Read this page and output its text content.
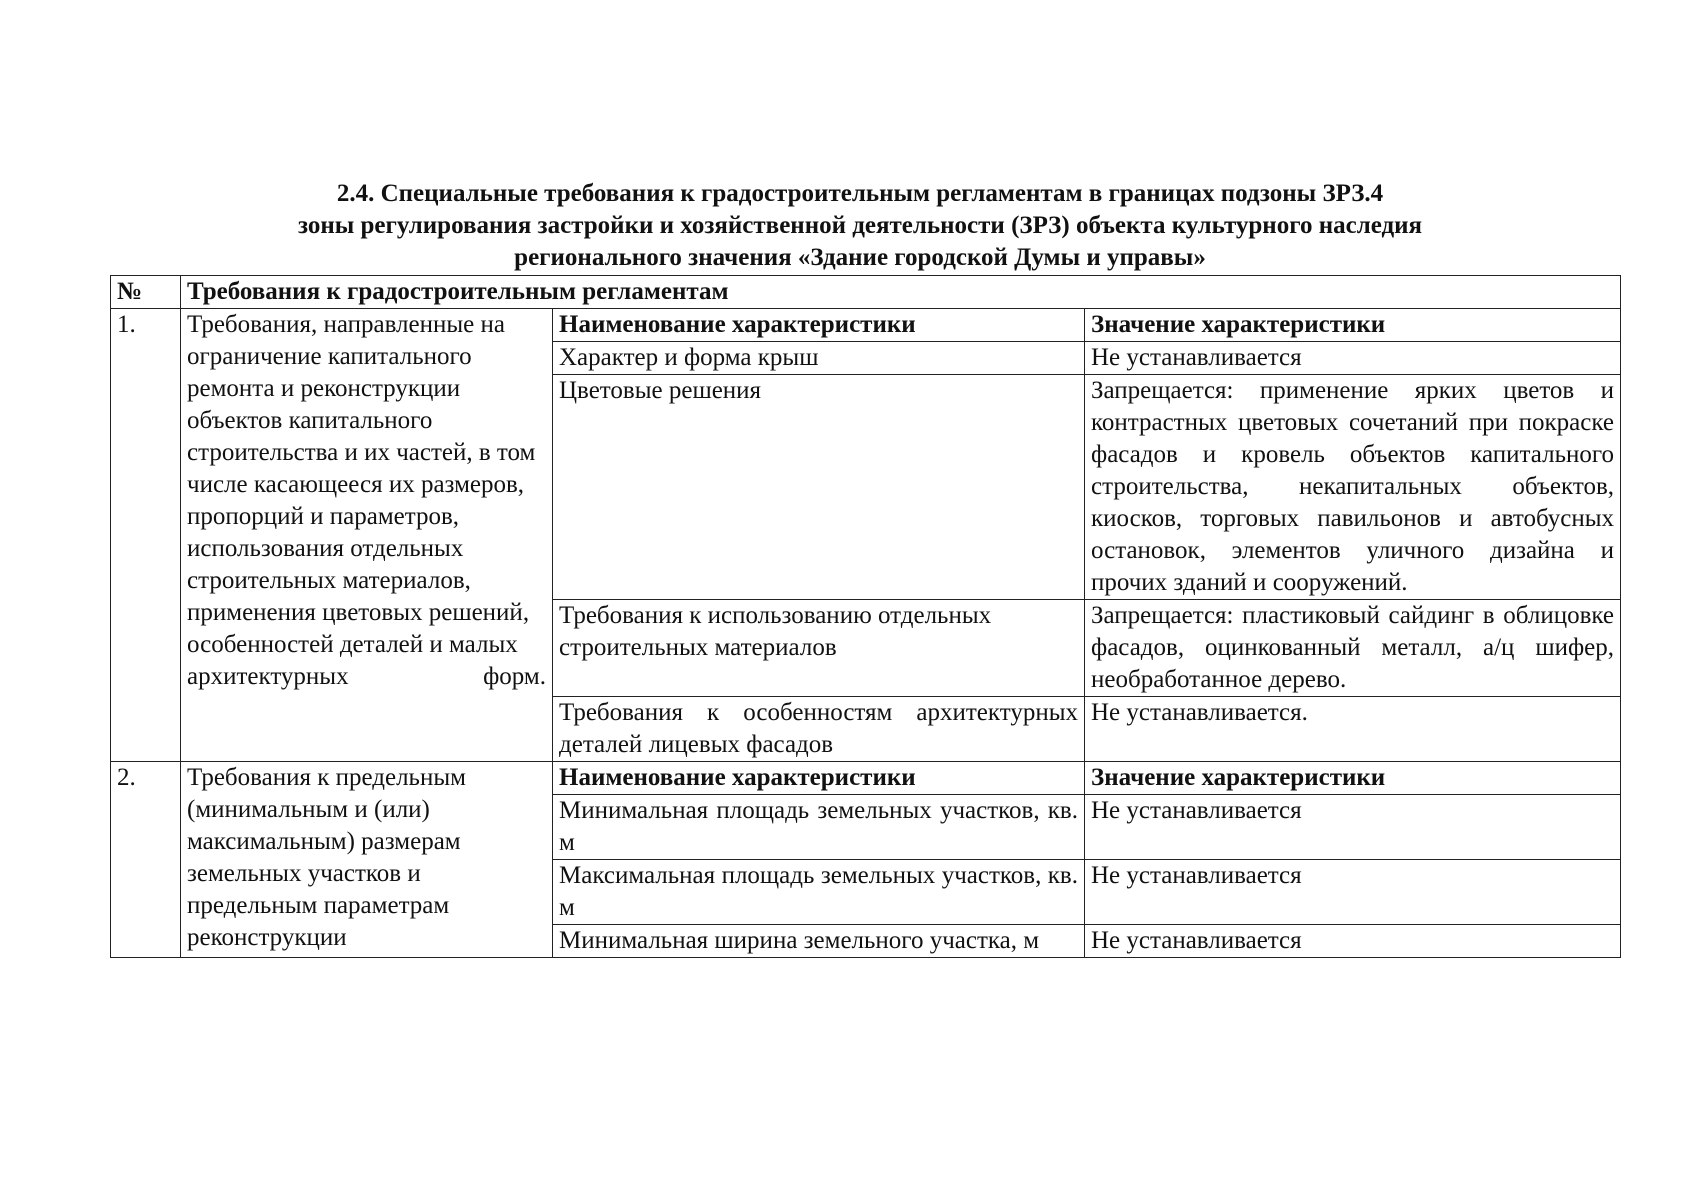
2.4. Специальные требования к градостроительным регламентам в границах подзоны ЗРЗ.4
зоны регулирования застройки и хозяйственной деятельности (ЗРЗ) объекта культурного наследия
регионального значения «Здание городской Думы и управы»
№	Требования к градостроительным регламентам		
1.	Требования, направленные на ограничение капитального ремонта и реконструкции объектов капитального строительства и их частей, в том числе касающееся их размеров, пропорций и параметров, использования отдельных строительных материалов, применения цветовых решений, особенностей деталей и малых архитектурных форм.	Наименование характеристики	Значение характеристики
		Характер и форма крыш	Не устанавливается
		Цветовые решения	Запрещается: применение ярких цветов и контрастных цветовых сочетаний при покраске фасадов и кровель объектов капитального строительства, некапитальных объектов, киосков, торговых павильонов и автобусных остановок, элементов уличного дизайна и прочих зданий и сооружений.
		Требования к использованию отдельных строительных материалов	Запрещается: пластиковый сайдинг в облицовке фасадов, оцинкованный металл, а/ц шифер, необработанное дерево.
		Требования к особенностям архитектурных деталей лицевых фасадов	Не устанавливается.
2.	Требования к предельным (минимальным и (или) максимальным) размерам земельных участков и предельным параметрам реконструкции	Наименование характеристики	Значение характеристики
		Минимальная площадь земельных участков, кв. м	Не устанавливается
		Максимальная площадь земельных участков, кв. м	Не устанавливается
		Минимальная ширина земельного участка, м	Не устанавливается
